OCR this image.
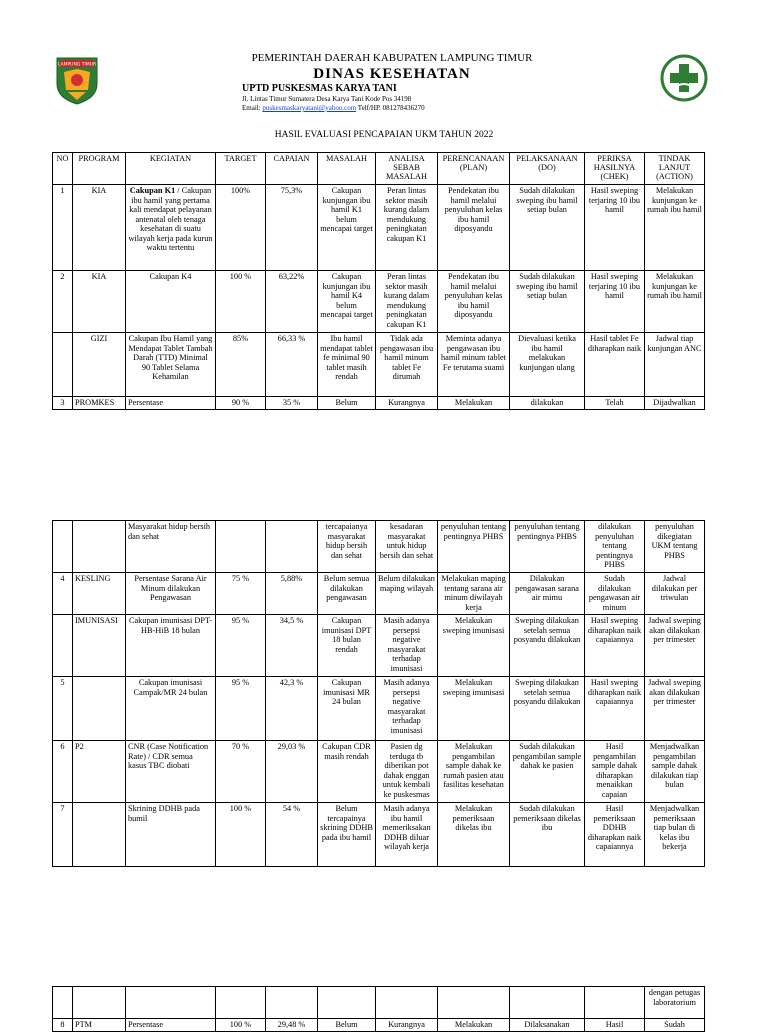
LAMPUNG TIMUR
PEMERINTAH DAERAH KABUPATEN LAMPUNG TIMUR
DINAS KESEHATAN
UPTD PUSKESMAS KARYA TANI
Jl. Lintas Timur Sumatera Desa Karya Tani Kode Pos 34198
Email: puskesmaskaryatani@yahoo.com Telf/HP. 081278436270
HASIL EVALUASI PENCAPAIAN UKM TAHUN 2022
NO	PROGRAM	KEGIATAN	TARGET	CAPAIAN	MASALAH	ANALISA SEBAB MASALAH	PERENCANAAN (PLAN)	PELAKSANAAN (DO)	PERIKSA HASILNYA (CHEK)	TINDAK LANJUT (ACTION)
1	KIA	Cakupan K1 / Cakupan ibu hamil yang pertama kali mendapat pelayanan antenatal oleh tenaga kesehatan di suatu wilayah kerja pada kurun waktu tertentu	100%	75,3%	Cakupan kunjungan ibu hamil K1 belum mencapai target	Peran lintas sektor masih kurang dalam mendukung peningkatan cakupan K1	Pendekatan ibu hamil melalui penyuluhan kelas ibu hamil diposyandu	Sudah dilakukan sweping ibu hamil setiap bulan	Hasil sweping terjaring 10 ibu hamil	Melakukan kunjungan ke rumah ibu hamil
2	KIA	Cakupan K4	100 %	63,22%	Cakupan kunjungan ibu hamil K4 belum mencapai target	Peran lintas sektor masih kurang dalam mendukung peningkatan cakupan K1	Pendekatan ibu hamil melalui penyuluhan kelas ibu hamil diposyandu	Sudah dilakukan sweping ibu hamil setiap bulan	Hasil sweping terjaring 10 ibu hamil	Melakukan kunjungan ke rumah ibu hamil
	GIZI	Cakupan Ibu Hamil yang Mendapat Tablet Tambah Darah (TTD) Minimal 90 Tablet Selama Kehamilan	85%	66,33 %	Ibu hamil mendapat tablet fe minimal 90 tablet masih rendah	Tidak ada pengawasan ibu hamil minum tablet Fe dirumah	Meminta adanya pengawasan ibu hamil minum tablet Fe terutama suami	Dievaluasi ketika ibu hamil melakukan kunjungan ulang	Hasil tablet Fe diharapkan naik	Jadwal tiap kunjungan ANC
3	PROMKES	Persentase	90 %	35 %	Belum	Kurangnya	Melakukan	dilakukan	Telah	Dijadwalkan
		Masyarakat hidup bersih dan sehat			tercapaianya masyarakat hidup bersih dan sehat	kesadaran masyarakat untuk hidup bersih dan sehat	penyuluhan tentang pentingnya PHBS	penyuluhan tentang pentingnya PHBS	dilakukan penyuluhan tentang pentingnya PHBS	penyuluhan dikegiatan UKM tentang PHBS
4	KESLING	Persentase Sarana Air Minum dilakukan Pengawasan	75 %	5,88%	Belum semua dilakukan pengawasan	Belum dilakukan maping wilayah	Melakukan maping tentang sarana air minum diwilayah kerja	Dilakukan pengawasan sarana air mimu	Sudah dilakukan pengawasan air minum	Jadwal dilakukan per triwulan
	IMUNISASI	Cakupan imunisasi DPT-HB-HiB 18 bulan	95 %	34,5 %	Cakupan imunisasi DPT 18 bulan rendah	Masih adanya persepsi negative masyarakat terhadap imunisasi	Melakukan sweping imunisasi	Sweping dilakukan setelah semua posyandu dilakukan	Hasil sweping diharapkan naik capaiannya	Jadwal sweping akan dilakukan per trimester
5		Cakupan imunisasi Campak/MR 24 bulan	95 %	42,3 %	Cakupan imunisasi MR 24 bulan	Masih adanya persepsi negative masyarakat terhadap imunisasi	Melakukan sweping imunisasi	Sweping dilakukan setelah semua posyandu dilakukan	Hasil sweping diharapkan naik capaiannya	Jadwal sweping akan dilakukan per trimester
6	P2	CNR (Case Notification Rate) / CDR semua kasus TBC diobati	70 %	29,03 %	Cakupan CDR masih rendah	Pasien dg terduga tb diberikan pot dahak enggan untuk kembali ke puskesmas	Melakukan pengambilan sample dahak ke rumah pasien atau fasilitas kesehatan	Sudah dilakukan pengambilan sample dahak ke pasien	Hasil pengambilan sample dahak diharapkan menaikkan capaian	Menjadwalkan pengambilan sample dahak dilakukan tiap bulan
7		Skrining DDHB pada bumil	100 %	54 %	Belum tercapainya skrining DDHB pada ibu hamil	Masih adanya ibu hamil memeriksakan DDHB diluar wilayah kerja	Melakukan pemeriksaan dikelas ibu	Sudah dilakukan pemeriksaan dikelas ibu	Hasil pemeriksaan DDHB diharapkan naik capaiannya	Menjadwalkan pemeriksaan tiap bulan di kelas ibu bekerja
										dengan petugas laboratorium
8	PTM	Persentase	100 %	29,48 %	Belum	Kurangnya	Melakukan	Dilaksanakan	Hasil	Sudah
